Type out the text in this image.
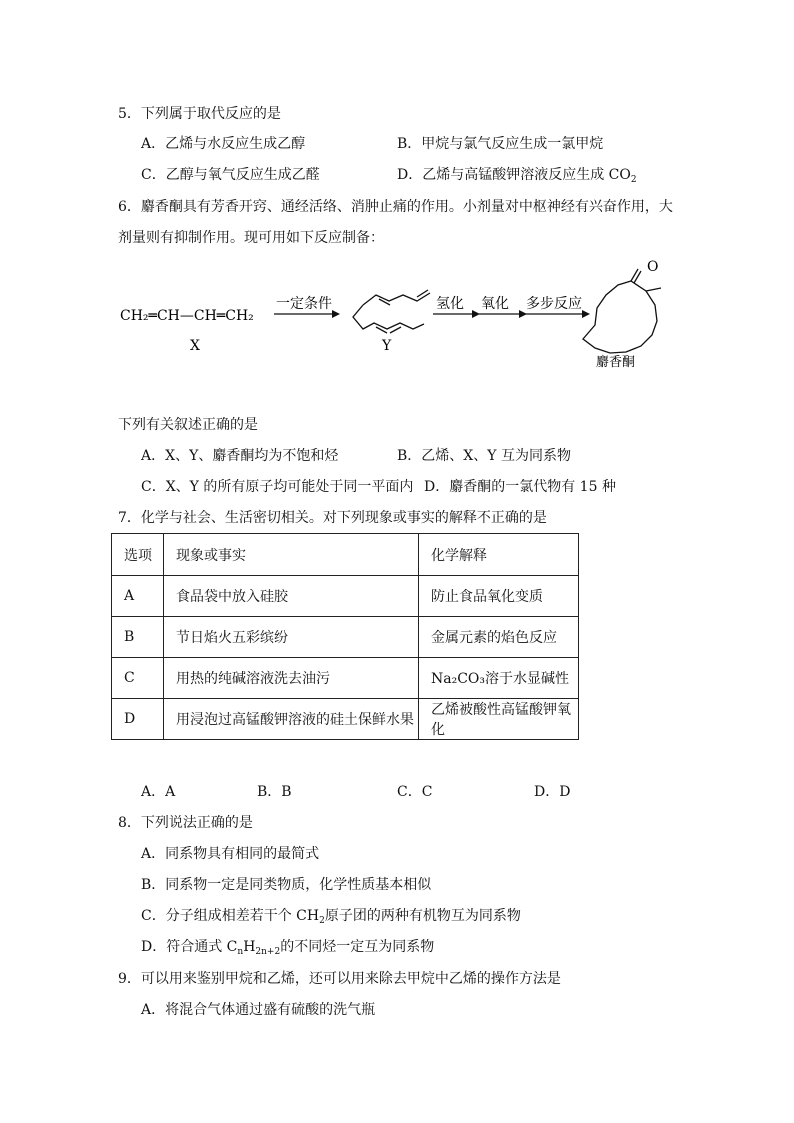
5．下列属于取代反应的是
A．乙烯与水反应生成乙醇	B．甲烷与氯气反应生成一氯甲烷
C．乙醇与氧气反应生成乙醛	D．乙烯与高锰酸钾溶液反应生成 $CO_2$
6．麝香酮具有芳香开窍、通经活络、消肿止痛的作用。小剂量对中枢神经有兴奋作用，大
剂量则有抑制作用。现可用如下反应制备：
CH₂═CH—CH═CH₂
X
一定条件
Y
氢化 氧化 多步反应
O
麝香酮
下列有关叙述正确的是
A．X、Y、麝香酮均为不饱和烃	B．乙烯、X、Y 互为同系物
C．X、Y 的所有原子均可能处于同一平面内 D．麝香酮的一氯代物有 15 种
7．化学与社会、生活密切相关。对下列现象或事实的解释不正确的是
选项	现象或事实	化学解释
A	食品袋中放入硅胶	防止食品氧化变质
B	节日焰火五彩缤纷	金属元素的焰色反应
C	用热的纯碱溶液洗去油污	Na₂CO₃溶于水显碱性
D	用浸泡过高锰酸钾溶液的硅土保鲜水果	乙烯被酸性高锰酸钾氧化
A．A	B．B	C．C	D．D
8．下列说法正确的是
A．同系物具有相同的最简式
B．同系物一定是同类物质，化学性质基本相似
C．分子组成相差若干个 $CH_2$原子团的两种有机物互为同系物
D．符合通式 $C_nH_{2n+2}$的不同烃一定互为同系物
9．可以用来鉴别甲烷和乙烯，还可以用来除去甲烷中乙烯的操作方法是
A．将混合气体通过盛有硫酸的洗气瓶
